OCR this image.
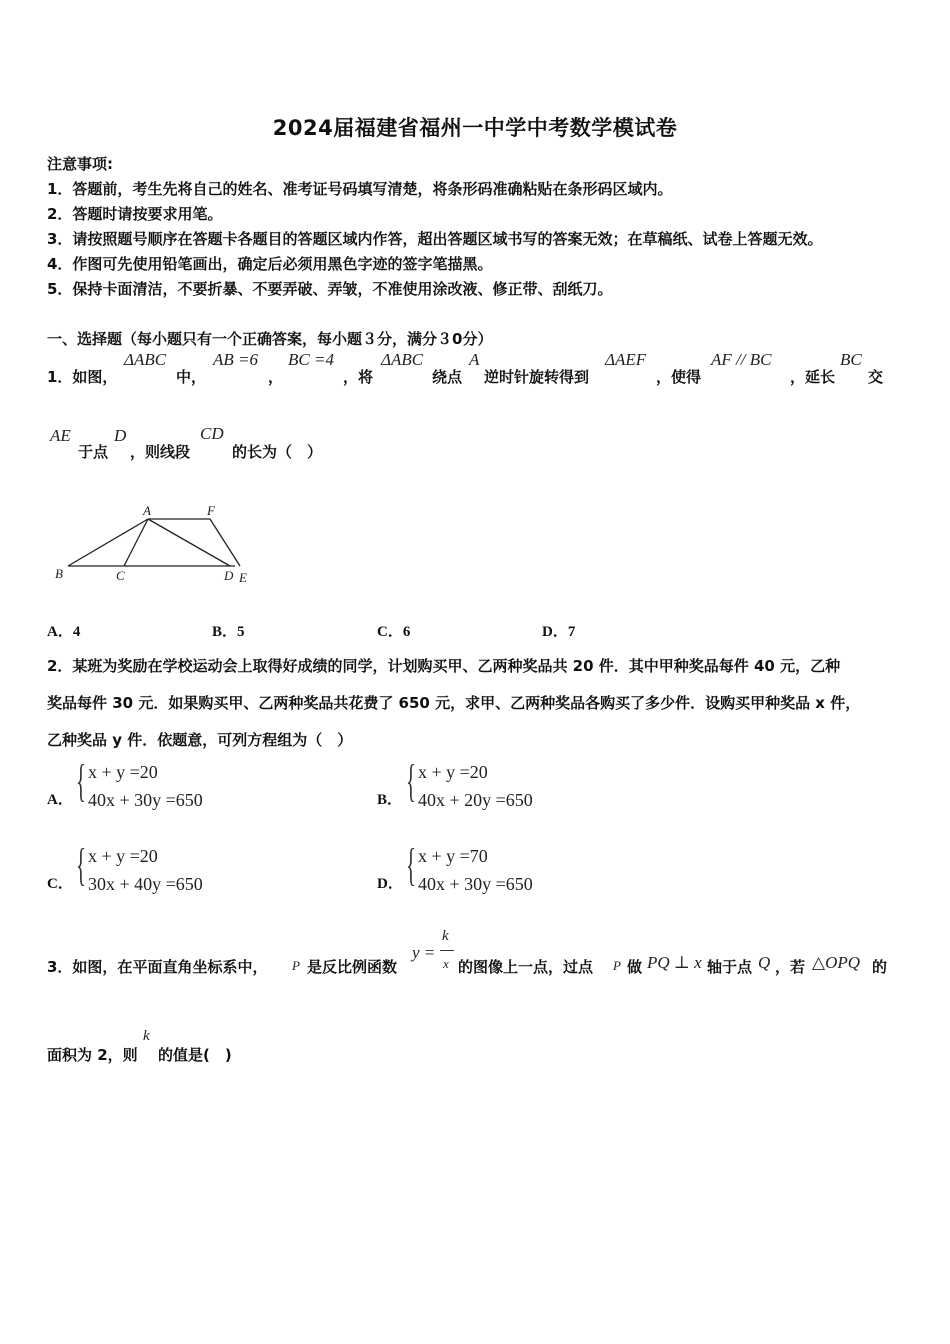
2024届福建省福州一中学中考数学模试卷
注意事项:
1．答题前，考生先将自己的姓名、准考证号码填写清楚，将条形码准确粘贴在条形码区域内。
2．答题时请按要求用笔。
3．请按照题号顺序在答题卡各题目的答题区域内作答，超出答题区域书写的答案无效；在草稿纸、试卷上答题无效。
4．作图可先使用铅笔画出，确定后必须用黑色字迹的签字笔描黑。
5．保持卡面清洁，不要折暴、不要弄破、弄皱，不准使用涂改液、修正带、刮纸刀。
一、选择题（每小题只有一个正确答案，每小题３分，满分３0分）
1．如图，
ΔABC
中，
AB =6
，
BC =4
，将
ΔABC
绕点
A
逆时针旋转得到
ΔAEF
，使得
AF // BC
，延长
BC
交
AE
于点
D
，则线段
CD
的长为（　）
A	F
B	C	D E
A．4	B．5	C．6	D．7
2．某班为奖励在学校运动会上取得好成绩的同学，计划购买甲、乙两种奖品共 20 件．其中甲种奖品每件 40 元，乙种
奖品每件 30 元．如果购买甲、乙两种奖品共花费了 650 元，求甲、乙两种奖品各购买了多少件．设购买甲种奖品 x 件，
乙种奖品 y 件．依题意，可列方程组为（　）
A． { x + y =20
40x + 30y =650	B． { x + y =20
40x + 20y =650
C． { x + y =20
30x + 40y =650	D． { x + y =70
40x + 30y =650
3．如图，在平面直角坐标系中， P 是反比例函数
y =
k
x 的图像上一点，过点 P 做 PQ ⊥ x 轴于点 Q ，若 △OPQ 的
面积为 2，则
k
的值是(　)
